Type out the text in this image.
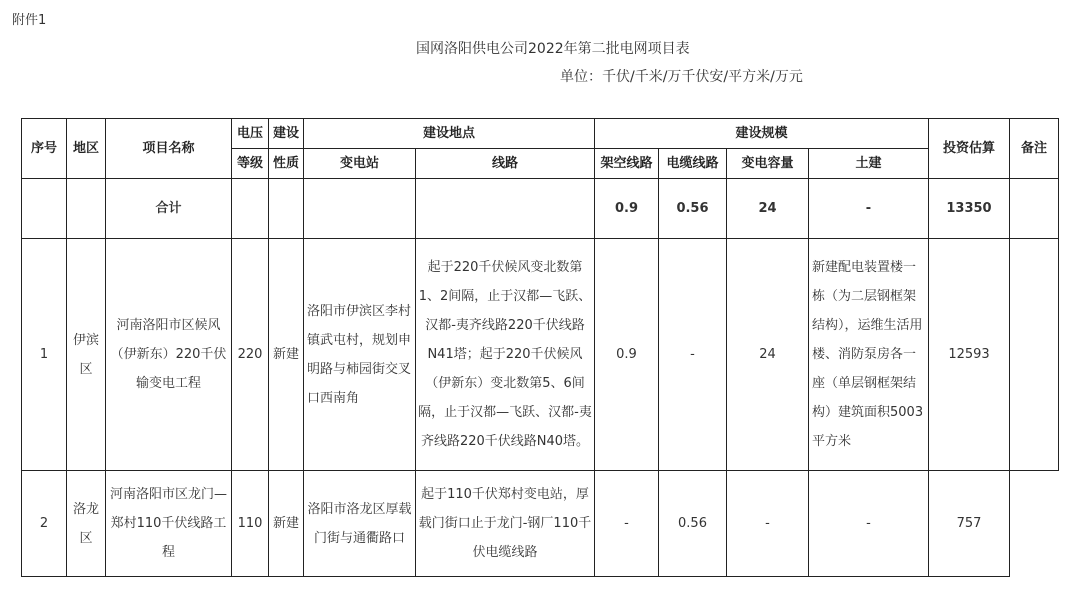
附件1
国网洛阳供电公司2022年第二批电网项目表
单位：千伏/千米/万千伏安/平方米/万元
序号	地区	项目名称	电压	建设	建设地点		建设规模				投资估算	备注
			等级	性质	变电站	线路	架空线路	电缆线路	变电容量	土建		
		合计					0.9	0.56	24	-	13350	
1	伊滨区	河南洛阳市区候风（伊新东）220千伏输变电工程	220	新建	洛阳市伊滨区李村镇武屯村，规划申明路与柿园街交叉口西南角	起于220千伏候风变北数第1、2间隔，止于汉都—飞跃、汉都-夷齐线路220千伏线路N41塔；起于220千伏候风（伊新东）变北数第5、6间隔，止于汉都—飞跃、汉都-夷齐线路220千伏线路N40塔。	0.9	-	24	新建配电装置楼一栋（为二层钢框架结构），运维生活用楼、消防泵房各一座（单层钢框架结构）建筑面积5003平方米	12593	
2	洛龙区	河南洛阳市区龙门—郑村110千伏线路工程	110	新建	洛阳市洛龙区厚载门街与通衢路口	起于110千伏郑村变电站，厚载门街口止于龙门-钢厂110千伏电缆线路	-	0.56	-	-	757	
